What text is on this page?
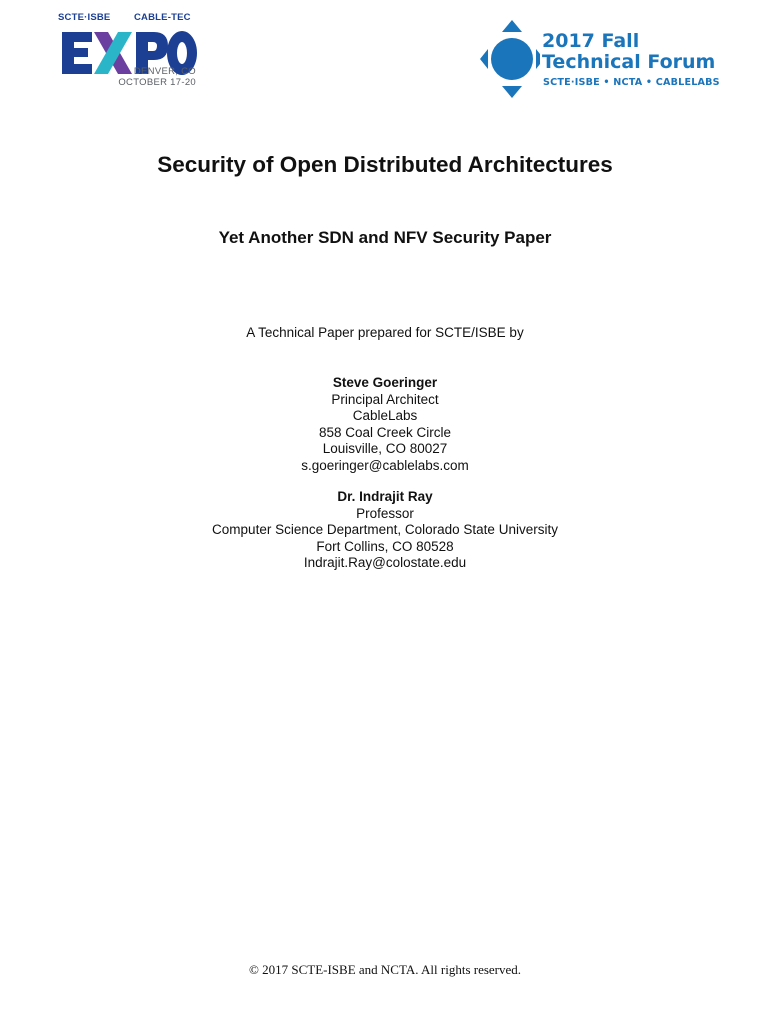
SCTE·ISBE CABLE-TEC
DENVER, CO
OCTOBER 17-20
2017 Fall
Technical Forum
SCTE·ISBE • NCTA • CABLELABS
Security of Open Distributed Architectures
Yet Another SDN and NFV Security Paper
A Technical Paper prepared for SCTE/ISBE by
Steve Goeringer
Principal Architect
CableLabs
858 Coal Creek Circle
Louisville, CO 80027
s.goeringer@cablelabs.com
Dr. Indrajit Ray
Professor
Computer Science Department, Colorado State University
Fort Collins, CO 80528
Indrajit.Ray@colostate.edu
© 2017 SCTE-ISBE and NCTA. All rights reserved.
